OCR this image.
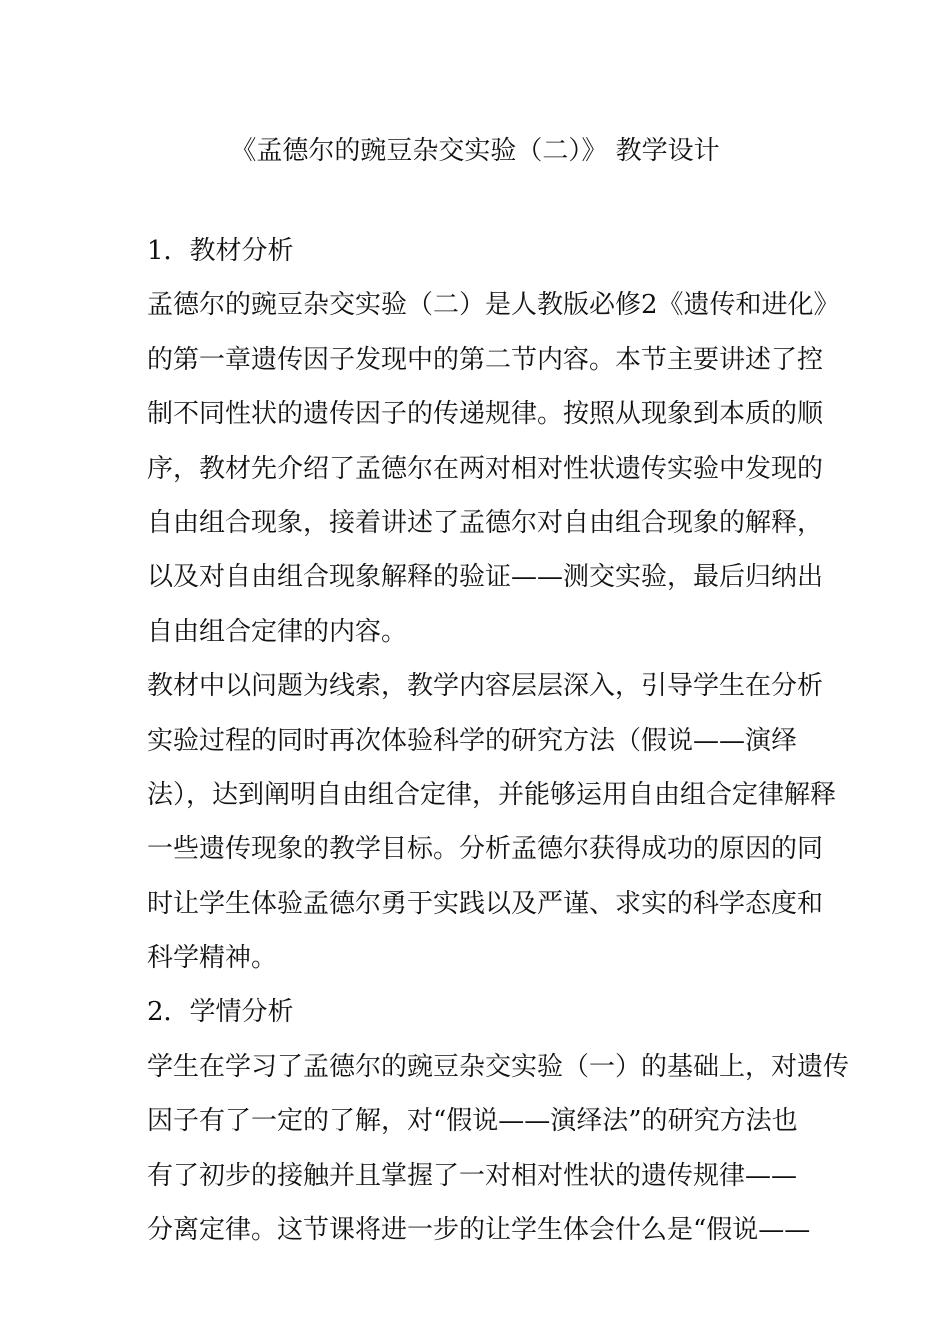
《孟德尔的豌豆杂交实验（二）》 教学设计
1．教材分析
孟德尔的豌豆杂交实验（二）是人教版必修2《遗传和进化》
的第一章遗传因子发现中的第二节内容。本节主要讲述了控
制不同性状的遗传因子的传递规律。按照从现象到本质的顺
序，教材先介绍了孟德尔在两对相对性状遗传实验中发现的
自由组合现象，接着讲述了孟德尔对自由组合现象的解释，
以及对自由组合现象解释的验证——测交实验，最后归纳出
自由组合定律的内容。
教材中以问题为线索，教学内容层层深入，引导学生在分析
实验过程的同时再次体验科学的研究方法（假说——演绎
法），达到阐明自由组合定律，并能够运用自由组合定律解释
一些遗传现象的教学目标。分析孟德尔获得成功的原因的同
时让学生体验孟德尔勇于实践以及严谨、求实的科学态度和
科学精神。
2．学情分析
学生在学习了孟德尔的豌豆杂交实验（一）的基础上，对遗传
因子有了一定的了解，对“假说——演绎法”的研究方法也
有了初步的接触并且掌握了一对相对性状的遗传规律——
分离定律。这节课将进一步的让学生体会什么是“假说——
